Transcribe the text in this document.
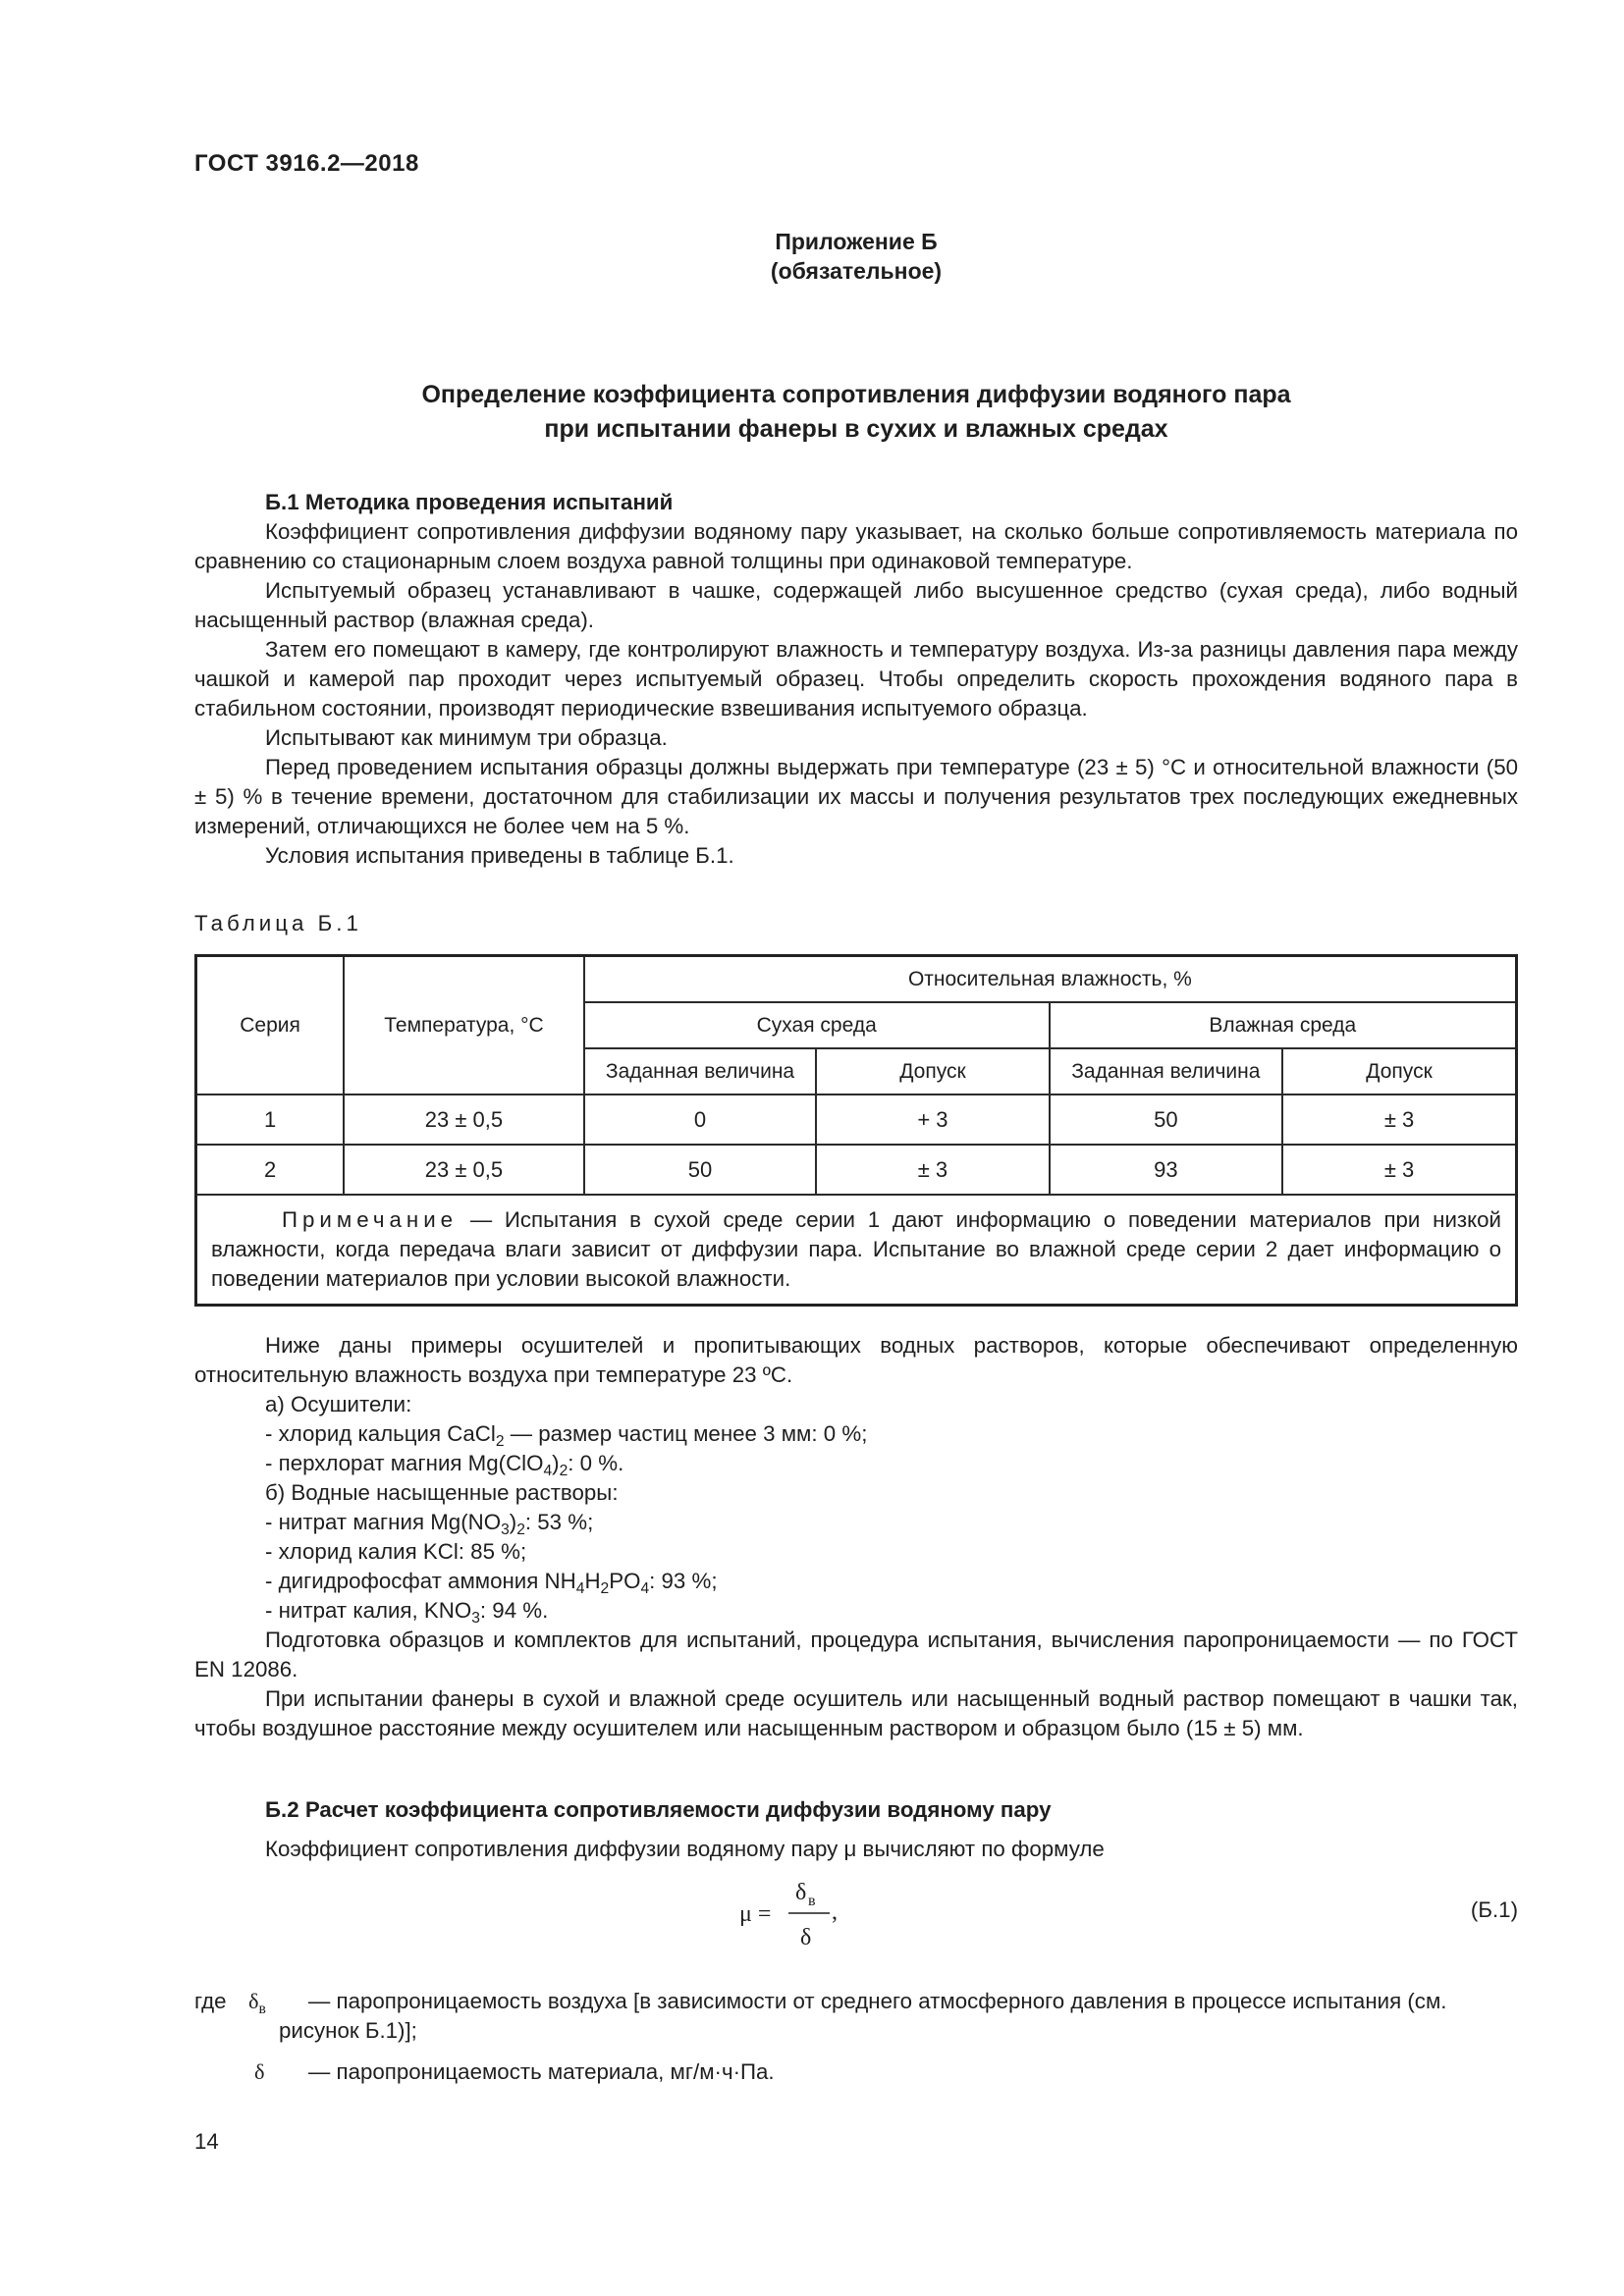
ГОСТ 3916.2—2018
Приложение Б
(обязательное)
Определение коэффициента сопротивления диффузии водяного пара
при испытании фанеры в сухих и влажных средах

Б.1 Методика проведения испытаний

Коэффициент сопротивления диффузии водяному пару указывает, на сколько больше сопротивляемость материала по сравнению со стационарным слоем воздуха равной толщины при одинаковой температуре.

Испытуемый образец устанавливают в чашке, содержащей либо высушенное средство (сухая среда), либо водный насыщенный раствор (влажная среда).

Затем его помещают в камеру, где контролируют влажность и температуру воздуха. Из-за разницы давления пара между чашкой и камерой пар проходит через испытуемый образец. Чтобы определить скорость прохождения водяного пара в стабильном состоянии, производят периодические взвешивания испытуемого образца.

Испытывают как минимум три образца.

Перед проведением испытания образцы должны выдержать при температуре (23 ± 5) °С и относительной влажности (50 ± 5) % в течение времени, достаточном для стабилизации их массы и получения результатов трех последующих ежедневных измерений, отличающихся не более чем на 5 %.

Условия испытания приведены в таблице Б.1.

Таблица Б.1
Серия	Температура, °С	Относительная влажность, %			
		Сухая среда		Влажная среда	
		Заданная величина	Допуск	Заданная величина	Допуск
1	23 ± 0,5	0	+ 3	50	± 3
2	23 ± 0,5	50	± 3	93	± 3
Примечание — Испытания в сухой среде серии 1 дают информацию о поведении материалов при низкой влажности, когда передача влаги зависит от диффузии пара. Испытание во влажной среде серии 2 дает информацию о поведении материалов при условии высокой влажности.					

Ниже даны примеры осушителей и пропитывающих водных растворов, которые обеспечивают определенную относительную влажность воздуха при температуре 23 ºС.

а) Осушители:

- хлорид кальция CaCl$_2$ — размер частиц менее 3 мм: 0 %;

- перхлорат магния $Mg(ClO_4)_2$: 0 %.

б) Водные насыщенные растворы:

- нитрат магния $Mg(NO_3)_2$: 53 %;

- хлорид калия KCl: 85 %;

- дигидрофосфат аммония $NH_4H_2PO_4$: 93 %;

- нитрат калия, $KNO_3$: 94 %.

Подготовка образцов и комплектов для испытаний, процедура испытания, вычисления паропроницаемости — по ГОСТ EN 12086.

При испытании фанеры в сухой и влажной среде осушитель или насыщенный водный раствор помещают в чашки так, чтобы воздушное расстояние между осушителем или насыщенным раствором и образцом было (15 ± 5) мм.

Б.2 Расчет коэффициента сопротивляемости диффузии водяному пару

Коэффициент сопротивления диффузии водяному пару μ вычисляют по формуле

μ =
δ в
δ
,	(Б.1)
где $\delta_в$	— паропроницаемость воздуха [в зависимости от среднего атмосферного давления в процессе испытания (см. рисунок Б.1)];
δ	— паропроницаемость материала, мг/м·ч·Па.
14
